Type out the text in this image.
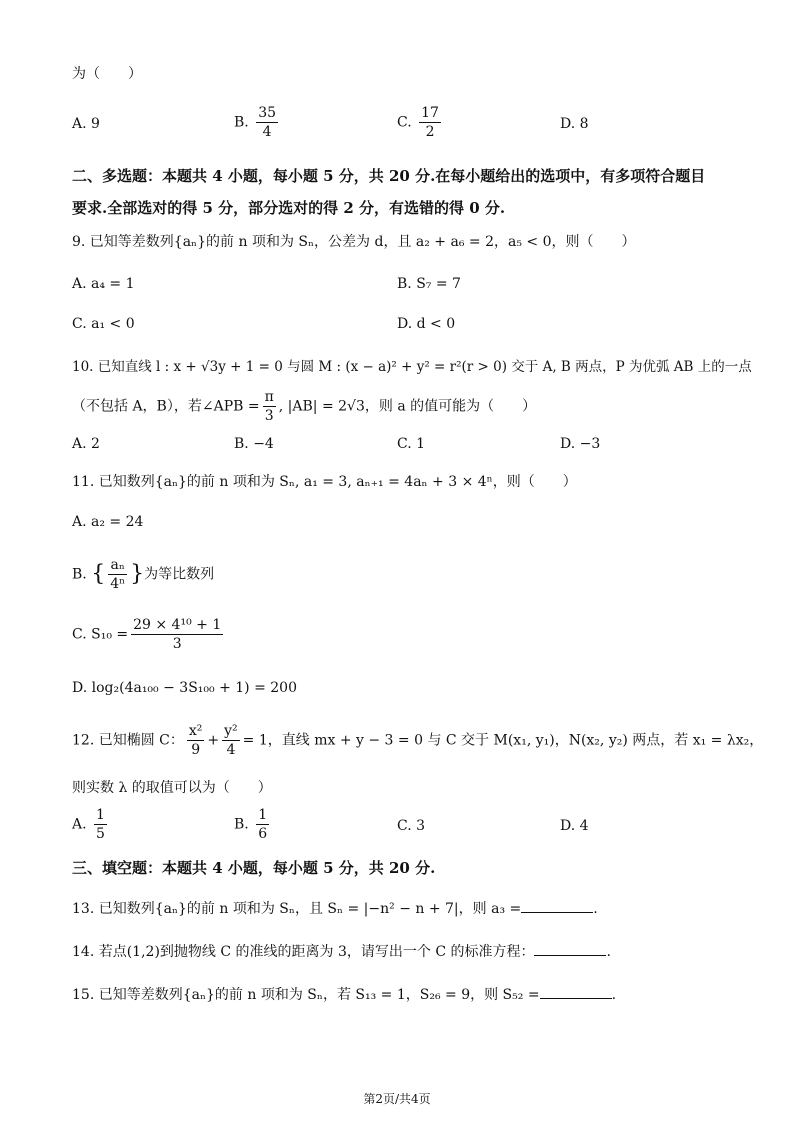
为（　　）
A. 9	B. $\frac{35}{4}$	C. $\frac{17}{2}$	D. 8
二、多选题：本题共 4 小题，每小题 5 分，共 20 分.在每小题给出的选项中，有多项符合题目
要求.全部选对的得 5 分，部分选对的得 2 分，有选错的得 0 分.
9. 已知等差数列{aₙ}的前 n 项和为 Sₙ，公差为 d，且 a₂ + a₆ = 2，a₅ < 0，则（　　）
A. a₄ = 1	B. S₇ = 7
C. a₁ < 0	D. d < 0
10. 已知直线 l : x + √3y + 1 = 0 与圆 M : (x − a)² + y² = r²(r > 0) 交于 A, B 两点，P 为优弧 AB 上的一点
（不包括 A，B），若∠APB = $\frac{\pi}{3}$ , |AB| = 2√3，则 a 的值可能为（　　）
A. 2	B. −4	C. 1	D. −3
11. 已知数列{aₙ}的前 n 项和为 Sₙ, a₁ = 3, aₙ₊₁ = 4aₙ + 3 × 4ⁿ，则（　　）
A. a₂ = 24
B. { $\frac{\text{aₙ}}{\text{4ⁿ}}$ }为等比数列
C. $S_{10} = \frac{\text{29 × 4¹⁰ + 1}}{3}$
D. log₂(4a₁₀₀ − 3S₁₀₀ + 1) = 200
12. 已知椭圆 C： $\frac{\text{x²}}{9} + \frac{\text{y²}}{4} = 1$，直线 mx + y − 3 = 0 与 C 交于 M(x₁, y₁)，N(x₂, y₂) 两点，若 x₁ = λx₂，
则实数 λ 的取值可以为（　　）
A. $\frac{1}{5}$	B. $\frac{1}{6}$	C. 3	D. 4
三、填空题：本题共 4 小题，每小题 5 分，共 20 分.
13. 已知数列{aₙ}的前 n 项和为 Sₙ，且 Sₙ = |−n² − n + 7|，则 a₃ =	.
14. 若点(1,2)到抛物线 C 的准线的距离为 3，请写出一个 C 的标准方程：	.
15. 已知等差数列{aₙ}的前 n 项和为 Sₙ，若 S₁₃ = 1，S₂₆ = 9，则 S₅₂ =	.
第2页/共4页
